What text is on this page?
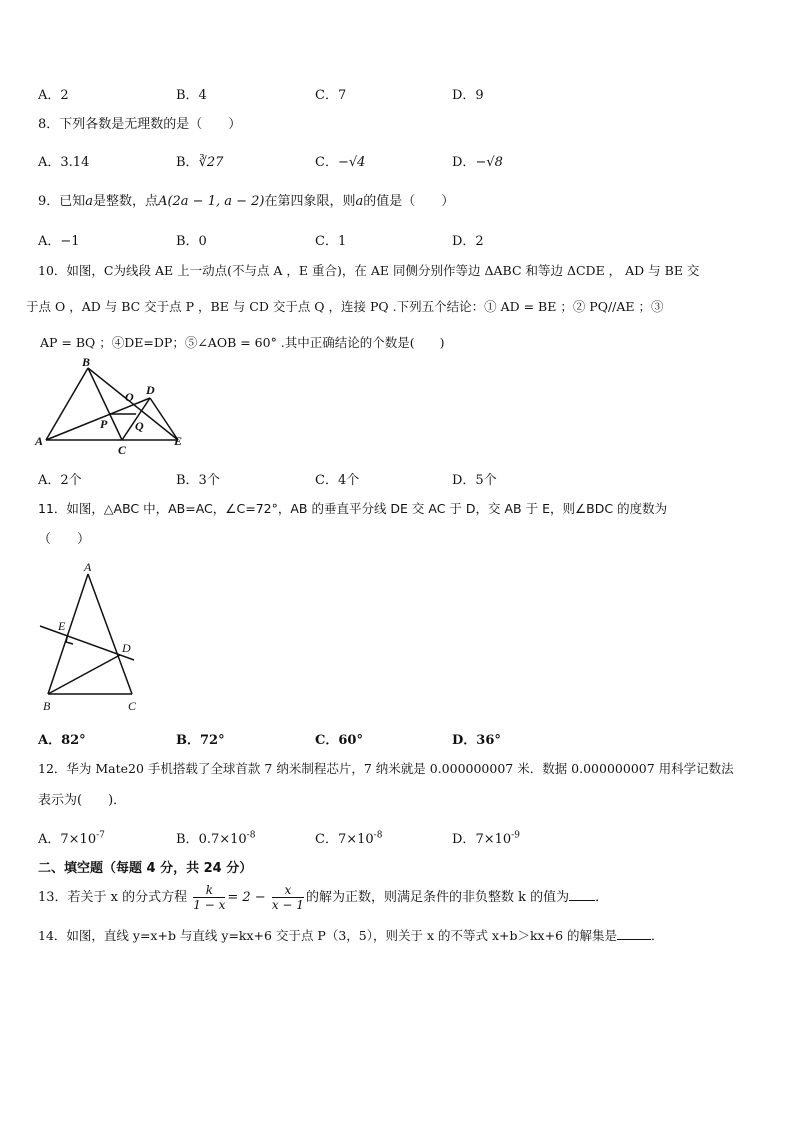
A．2	B．4	C．7	D．9
8．下列各数是无理数的是（　　）
A．3.14	B．∛27	C．−√4	D．−√8
9．已知a是整数，点A(2a − 1, a − 2)在第四象限，则a的值是（　　）
A．−1	B．0	C．1	D．2
10．如图，C为线段 AE 上一动点(不与点 A ，E 重合)，在 AE 同侧分别作等边 ΔABC 和等边 ΔCDE ， AD 与 BE 交
于点 O ，AD 与 BC 交于点 P ，BE 与 CD 交于点 Q ，连接 PQ .下列五个结论：① AD = BE ；② PQ//AE ；③
AP = BQ ；④DE=DP；⑤∠AOB = 60° .其中正确结论的个数是(　　)
A
B
C
D
E
O
P Q
A．2个	B．3个	C．4个	D．5个
11．如图，△ABC 中，AB=AC，∠C=72°，AB 的垂直平分线 DE 交 AC 于 D，交 AB 于 E，则∠BDC 的度数为
（　　）
A
B	C
D
E
A．82°	B．72°	C．60°	D．36°
12．华为 Mate20 手机搭载了全球首款 7 纳米制程芯片，7 纳米就是 0.000000007 米．数据 0.000000007 用科学记数法
表示为(　　)．
A．$7\times 10^{-7}$	B．$0.7\times 10^{-8}$	C．$7\times 10^{-8}$	D．$7\times 10^{-9}$
二、填空题（每题 4 分，共 24 分）
13．若关于 x 的分式方程 $\frac{k}{1 - x} = 2 - \frac{x}{x - 1}$ 的解为正数，则满足条件的非负整数 k 的值为 ．
14．如图，直线 y=x+b 与直线 y=kx+6 交于点 P（3，5），则关于 x 的不等式 x+b＞kx+6 的解集是	．
